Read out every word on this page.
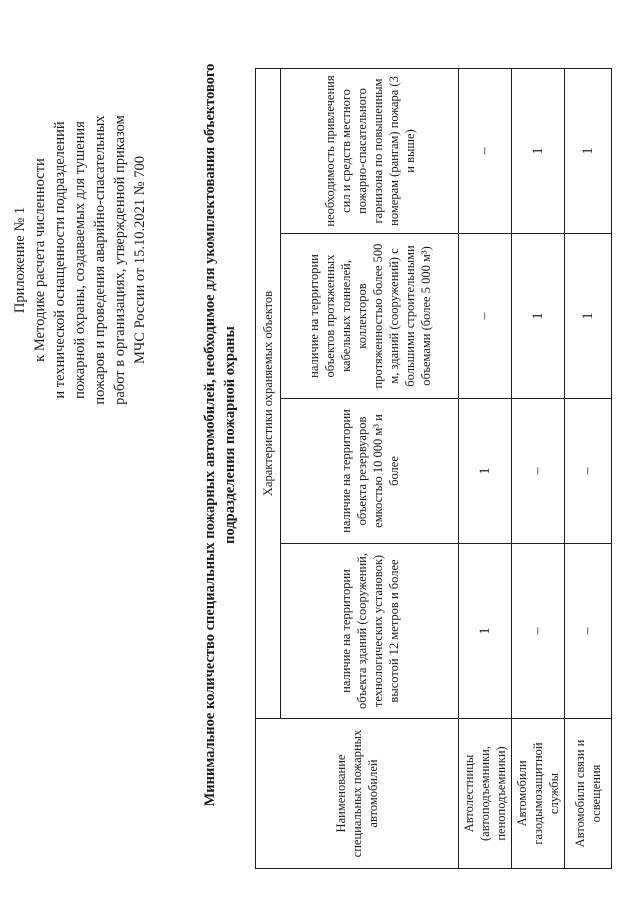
Приложение № 1 к Методике расчета численности и технической оснащенности подразделений пожарной охраны, создаваемых для тушения пожаров и проведения аварийно-спасательных работ в организациях, утвержденной приказом МЧС России от 15.10.2021 № 700	Минимальное количество специальных пожарных автомобилей, необходимое для укомплектования объектового подразделения пожарной охраны
Наименование специальных пожарных автомобилей	Характеристики охраняемых объектов			
	наличие на территории объекта зданий (сооружений, технологических установок) высотой 12 метров и более	наличие на территории объекта резервуаров емкостью 10 000 м³ и более	наличие на территории объектов протяженных кабельных тоннелей, коллекторов протяженностью более 500 м, зданий (сооружений) с большими строительными объемами (более 5 000 м³)	необходимость привлечения сил и средств местного пожарно-спасательного гарнизона по повышенным номерам (рангам) пожара (3 и выше)
Автолестницы (автоподъемники, пеноподъемники)	1	1	–	–
Автомобили газодымозащитной службы	–	–	1	1
Автомобили связи и освещения	–	–	1	1
